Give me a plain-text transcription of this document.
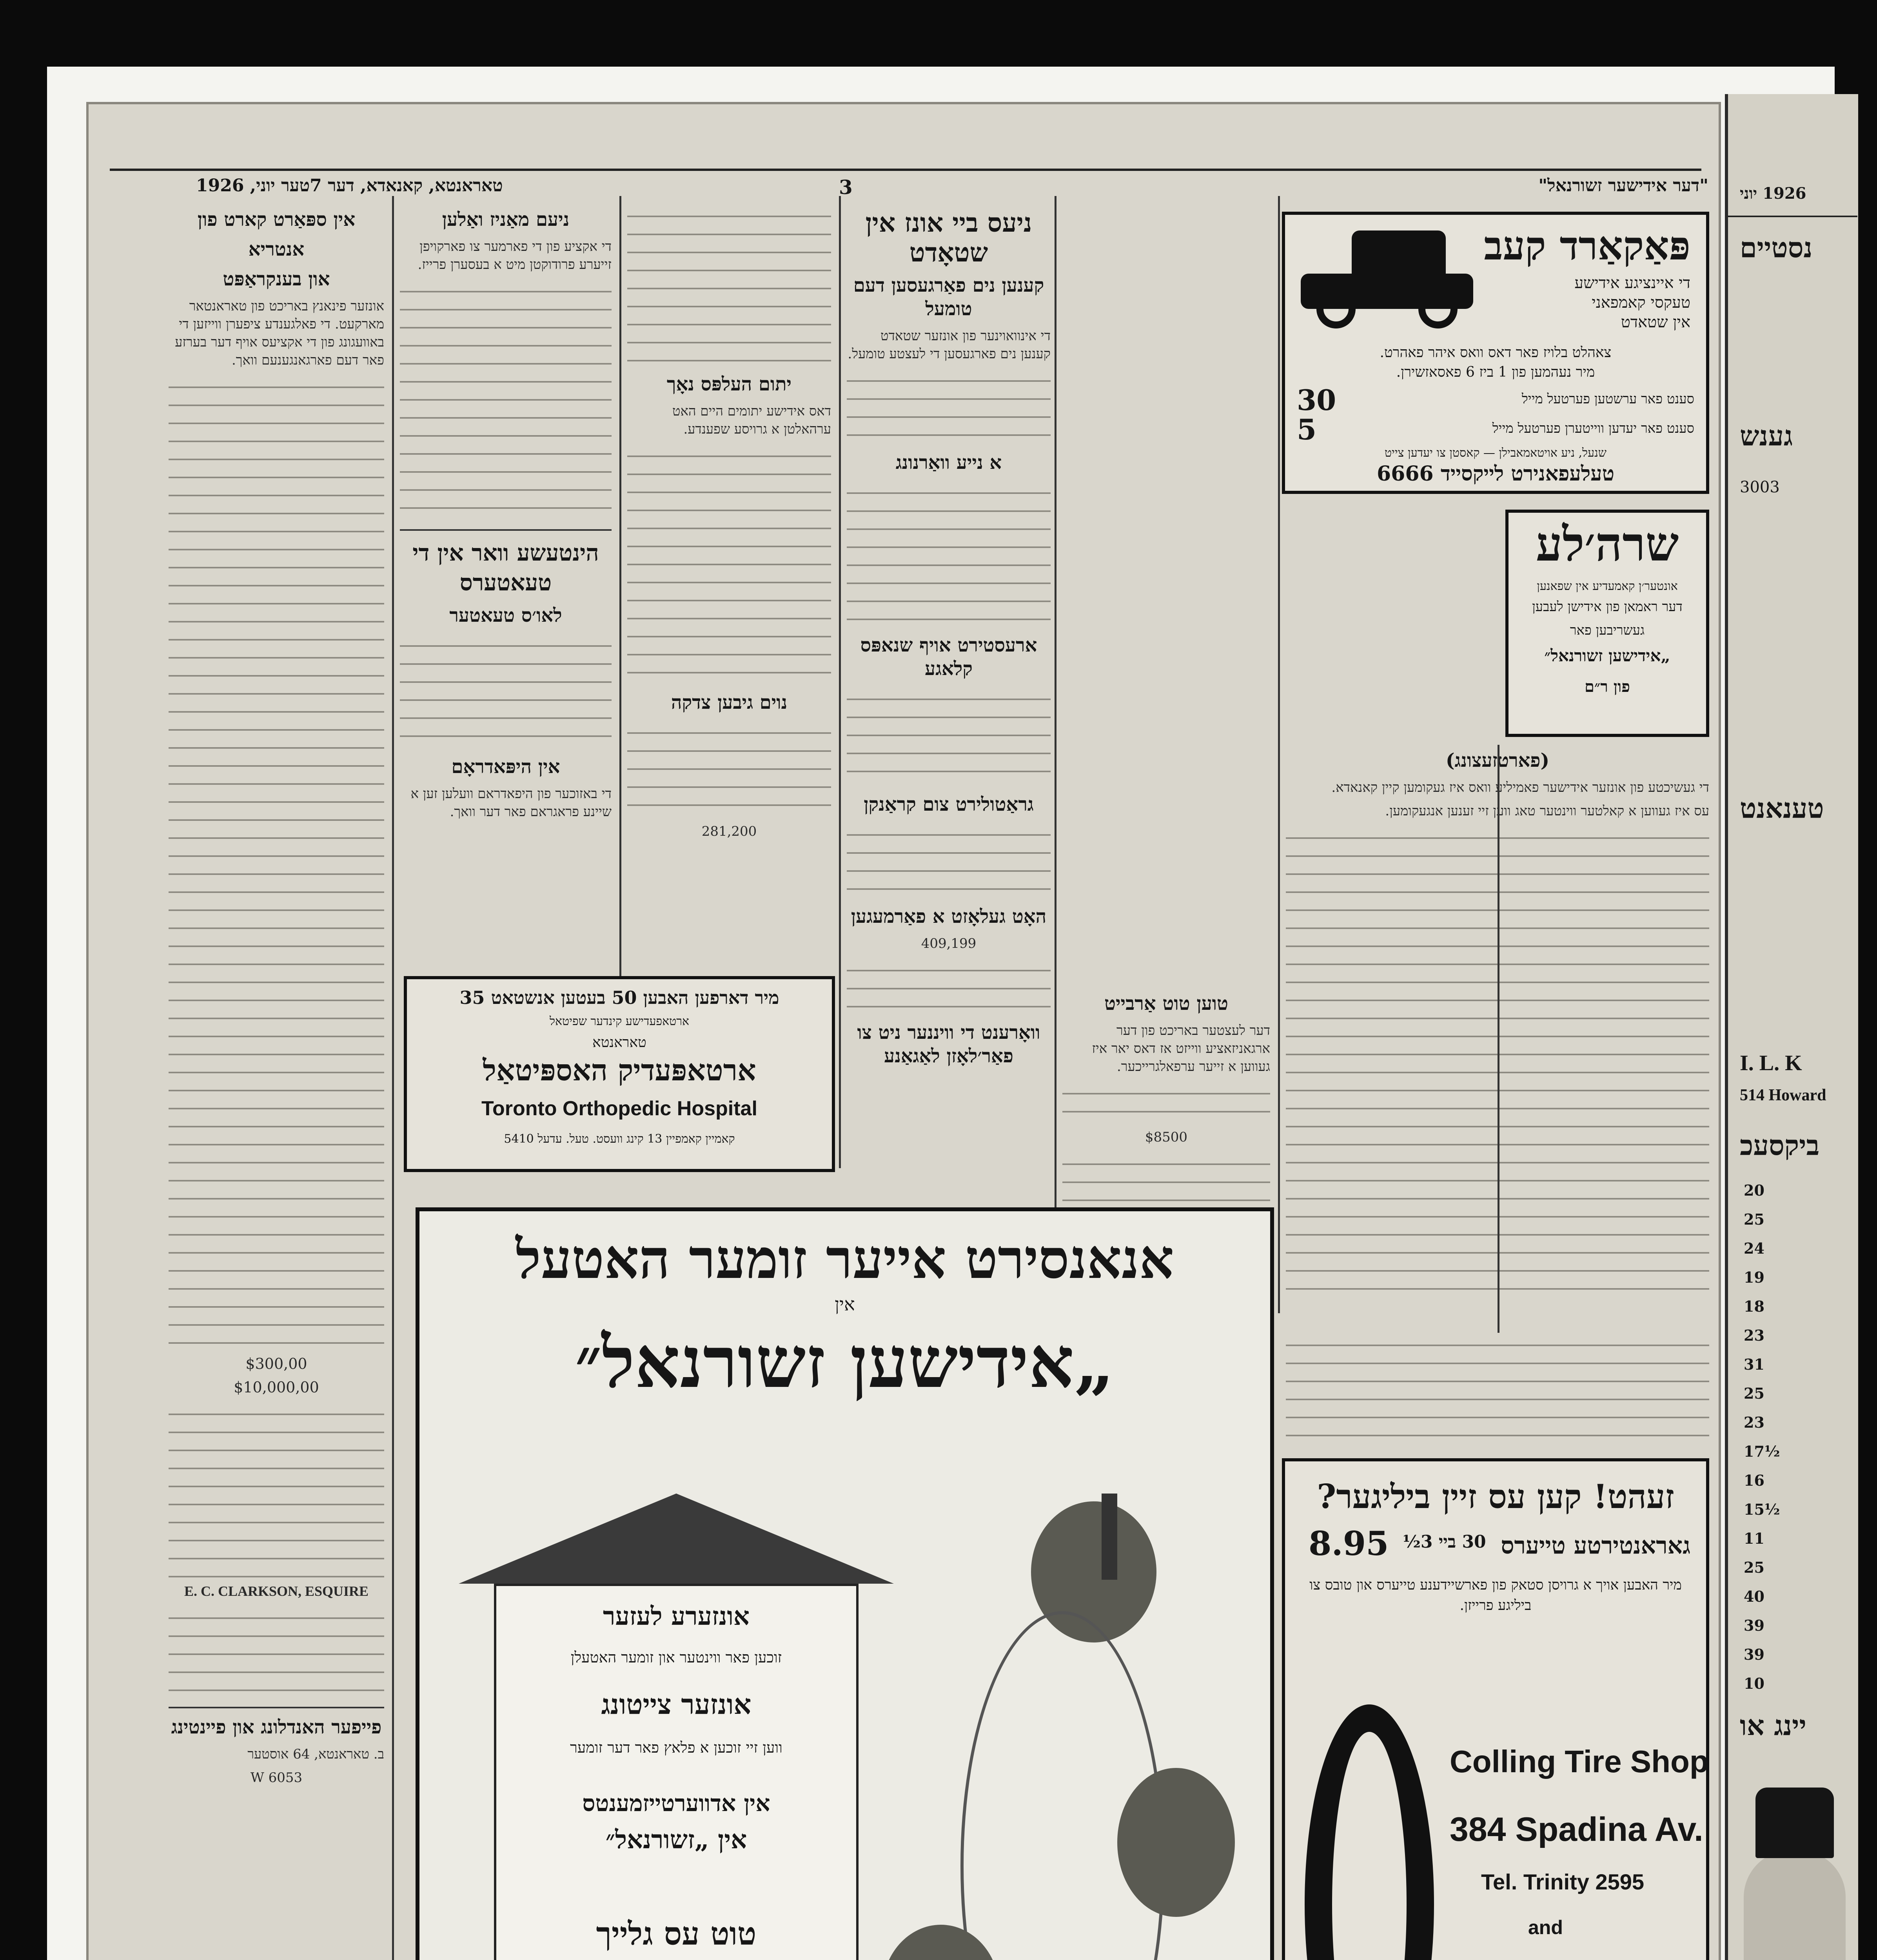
1926 יוני
נסטיים
גענש
3003
טענאנט
I. L. K
514 Howard
ביקסעכ
20
25
24
19
18
23
31
25
23
17½
16
15½
11
25
40
39
39
10
יינג או
"דער אידישער זשורנאל"
3
טאראנטא, קאנאדא, דער 7טער יוני, 1926
אין ספּאַרט קארט פון
אנטריא
און בענקראַפּט

אונזער פינאנץ באריכט פון טאראנטאר מארקעט. די פאלגענדע ציפערן ווייזען די באוועגונג פון די אקציעס אויף דער בערזע פאר דעם פארגאנגענעם וואך.

$300,00

$10,000,00

E. C. CLARKSON, ESQUIRE

פייפער האנדלונג און פיינטינג

ב. טאראנטא, 64 אוסטער

W 6053

ניעם מאַניז ואַלען

די אקציע פון די פארמער צו פארקויפן זייערע פרודוקטן מיט א בעסערן פרייז.

הינטעשע וואר אין די טעאטערס
לאו׳ס טעאטער
אין היפּאדראָם

די באזוכער פון היפאדראם וועלען זען א שיינע פראגראם פאר דער וואך.

יתום העלפּס נאָך

דאס אידישע יתומים היים האט ערהאלטן א גרויסע שפענדע.

נוים גיבען צדקה

281,200

ניעס ביי אונז אין שטאָדט
קענען נים פאַרגעסען דעם טומעל

די אינוואוינער פון אונזער שטאדט קענען נים פארגעסען די לעצטע טומעל.

א נייע וואַרנונג
ארעסטירט אויף שנאפּס קלאגע
גראַטולירט צום קראַנקן
האָט געלאָזט א פאַרמעגען

409,199

וואָרענט די וויננער ניט צו פאַר׳לאָזן לאַגאַנע
מיר דארפען האבען 50 בעטען אנשטאט 35
ארטאפעדישע קינדער שפיטאל
טאראנטא
ארטאפּעדיק האספּיטאַל
Toronto Orthopedic Hospital
קאמיין קאמפיין 13 קינג וועסט. טעל. עדעל 5410
טוען טוט אַרבייט

דער לעצטער באריכט פון דער ארגאניזאציע ווייזט אז דאס יאר איז געווען א זייער ערפאלגרייכער.

$8500

(פארטזעצונג)

די געשיכטע פון אונזער אידישער פאמיליע וואס איז געקומען קיין קאנאדא.

עס איז געווען א קאלטער ווינטער טאג ווען זיי זענען אנגעקומען.

פּאַקאַרד קעב
די איינציגע אידישע
טעקסי קאמפאני
אין שטאדט
צאהלט בלויז פאר דאס וואס איהר פאהרט.
מיר נעהמען פון 1 ביז 6 פאסאזשירן.
30	סענט פאר ערשטען פערטעל מייל
5	סענט פאר יעדען ווייטערן פערטעל מייל
שנעל, ניע אויטאמאבילן — קאסטן צו יעדען צייט
טעלעפאנירט לייקסייד 6666
שרה׳לע
אונטער׳ן קאמעדיע אין שפאנען
דער ראמאן פון אידישן לעבען
געשריבען פאר
„אידישען זשורנאל״
פון ר״ם
אנאנסירט אייער זומער האטעל
אין
„אידישען זשורנאל״
אונזערע לעזער
זוכען פאר ווינטער און זומער האטעלן
אונזער צייטונג
ווען זיי זוכען א פלאץ פאר דער זומער
אין אדווערטייזמענטס
אין „זשורנאל״
טוט עס גלייך
זעהט! קען עס זיין ביליגער?
8.95 30 ביי 3½ גאראנטירטע טייערס
מיר האבען אויך א גרויסן סטאק פון פארשיידענע טייערס און טובס צו ביליגע פרייזן.
Colling Tire Shop
384 Spadina Av.
Tel. Trinity 2595
and
